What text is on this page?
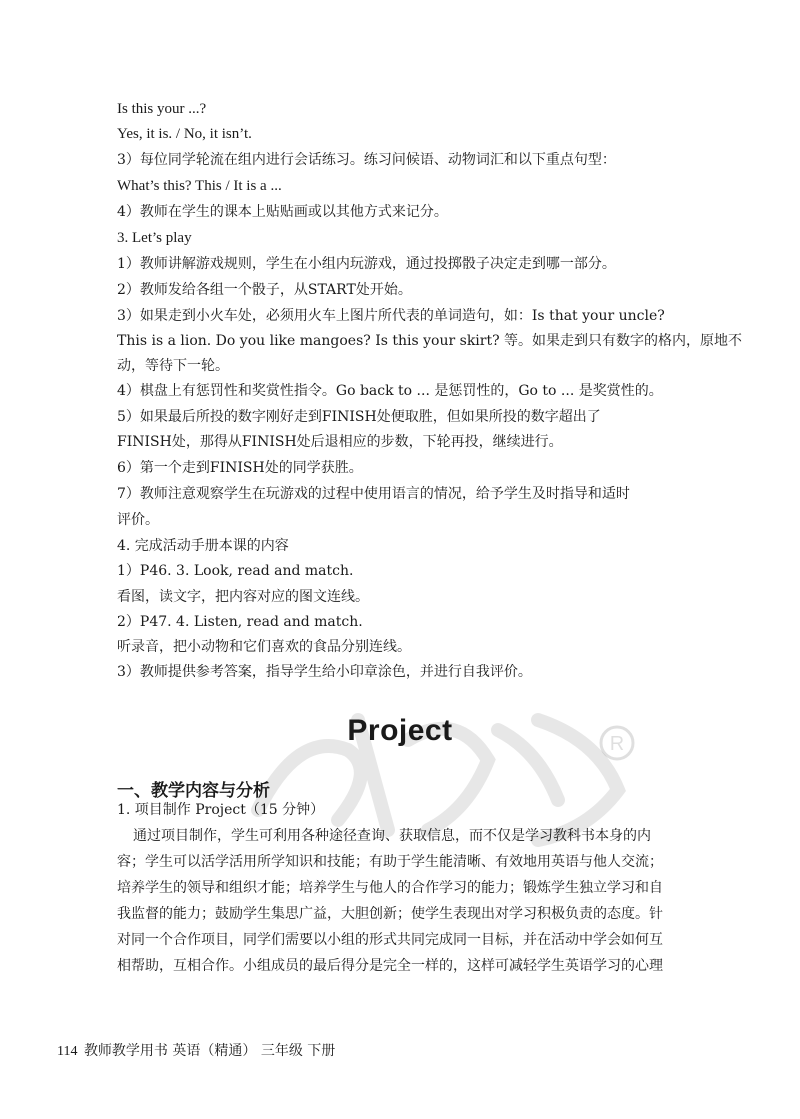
R
Is this your ...?
Yes, it is. / No, it isn’t.
3）每位同学轮流在组内进行会话练习。练习问候语、动物词汇和以下重点句型：
What’s this? This / It is a ...
4）教师在学生的课本上贴贴画或以其他方式来记分。
3. Let’s play
1）教师讲解游戏规则，学生在小组内玩游戏，通过投掷骰子决定走到哪一部分。
2）教师发给各组一个骰子，从START处开始。
3）如果走到小火车处，必须用火车上图片所代表的单词造句，如：Is that your uncle?
This is a lion. Do you like mangoes? Is this your skirt? 等。如果走到只有数字的格内，原地不
动，等待下一轮。
4）棋盘上有惩罚性和奖赏性指令。Go back to ... 是惩罚性的，Go to ... 是奖赏性的。
5）如果最后所投的数字刚好走到FINISH处便取胜，但如果所投的数字超出了
FINISH处，那得从FINISH处后退相应的步数，下轮再投，继续进行。
6）第一个走到FINISH处的同学获胜。
7）教师注意观察学生在玩游戏的过程中使用语言的情况，给予学生及时指导和适时
评价。
4. 完成活动手册本课的内容
1）P46. 3. Look, read and match.
看图，读文字，把内容对应的图文连线。
2）P47. 4. Listen, read and match.
听录音，把小动物和它们喜欢的食品分别连线。
3）教师提供参考答案，指导学生给小印章涂色，并进行自我评价。
Project
一、教学内容与分析
1. 项目制作 Project（15 分钟）
通过项目制作，学生可利用各种途径查询、获取信息，而不仅是学习教科书本身的内
容；学生可以活学活用所学知识和技能；有助于学生能清晰、有效地用英语与他人交流；
培养学生的领导和组织才能；培养学生与他人的合作学习的能力；锻炼学生独立学习和自
我监督的能力；鼓励学生集思广益，大胆创新；使学生表现出对学习积极负责的态度。针
对同一个合作项目，同学们需要以小组的形式共同完成同一目标，并在活动中学会如何互
相帮助，互相合作。小组成员的最后得分是完全一样的，这样可减轻学生英语学习的心理
114 教师教学用书 英语（精通） 三年级 下册
